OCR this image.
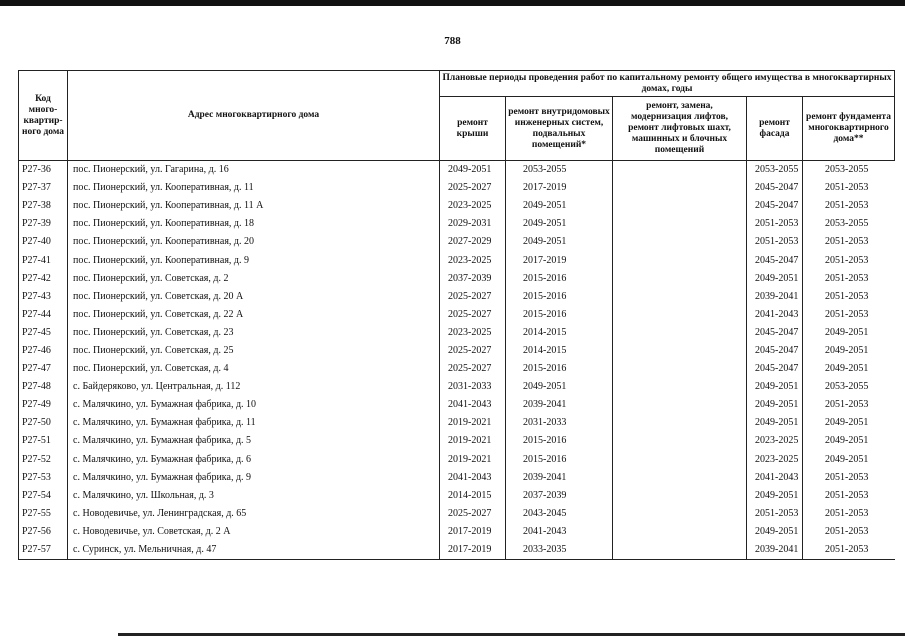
788
Код много-квартир-ного дома	Адрес многоквартирного дома	Плановые периоды проведения работ по капитальному ремонту общего имущества в многоквартирных домах, годы				
		ремонт крыши	ремонт внутридомовых инженерных систем, подвальных помещений*	ремонт, замена, модернизация лифтов, ремонт лифтовых шахт, машинных и блочных помещений	ремонт фасада	ремонт фундамента многоквартирного дома**
Р27-36	пос. Пионерский, ул. Гагарина, д. 16	2049-2051	2053-2055		2053-2055	2053-2055
Р27-37	пос. Пионерский, ул. Кооперативная, д. 11	2025-2027	2017-2019		2045-2047	2051-2053
Р27-38	пос. Пионерский, ул. Кооперативная, д. 11 А	2023-2025	2049-2051		2045-2047	2051-2053
Р27-39	пос. Пионерский, ул. Кооперативная, д. 18	2029-2031	2049-2051		2051-2053	2053-2055
Р27-40	пос. Пионерский, ул. Кооперативная, д. 20	2027-2029	2049-2051		2051-2053	2051-2053
Р27-41	пос. Пионерский, ул. Кооперативная, д. 9	2023-2025	2017-2019		2045-2047	2051-2053
Р27-42	пос. Пионерский, ул. Советская, д. 2	2037-2039	2015-2016		2049-2051	2051-2053
Р27-43	пос. Пионерский, ул. Советская, д. 20 А	2025-2027	2015-2016		2039-2041	2051-2053
Р27-44	пос. Пионерский, ул. Советская, д. 22 А	2025-2027	2015-2016		2041-2043	2051-2053
Р27-45	пос. Пионерский, ул. Советская, д. 23	2023-2025	2014-2015		2045-2047	2049-2051
Р27-46	пос. Пионерский, ул. Советская, д. 25	2025-2027	2014-2015		2045-2047	2049-2051
Р27-47	пос. Пионерский, ул. Советская, д. 4	2025-2027	2015-2016		2045-2047	2049-2051
Р27-48	с. Байдеряково, ул. Центральная, д. 112	2031-2033	2049-2051		2049-2051	2053-2055
Р27-49	с. Малячкино, ул. Бумажная фабрика, д. 10	2041-2043	2039-2041		2049-2051	2051-2053
Р27-50	с. Малячкино, ул. Бумажная фабрика, д. 11	2019-2021	2031-2033		2049-2051	2049-2051
Р27-51	с. Малячкино, ул. Бумажная фабрика, д. 5	2019-2021	2015-2016		2023-2025	2049-2051
Р27-52	с. Малячкино, ул. Бумажная фабрика, д. 6	2019-2021	2015-2016		2023-2025	2049-2051
Р27-53	с. Малячкино, ул. Бумажная фабрика, д. 9	2041-2043	2039-2041		2041-2043	2051-2053
Р27-54	с. Малячкино, ул. Школьная, д. 3	2014-2015	2037-2039		2049-2051	2051-2053
Р27-55	с. Новодевичье, ул. Ленинградская, д. 65	2025-2027	2043-2045		2051-2053	2051-2053
Р27-56	с. Новодевичье, ул. Советская, д. 2 А	2017-2019	2041-2043		2049-2051	2051-2053
Р27-57	с. Суринск, ул. Мельничная, д. 47	2017-2019	2033-2035		2039-2041	2051-2053
